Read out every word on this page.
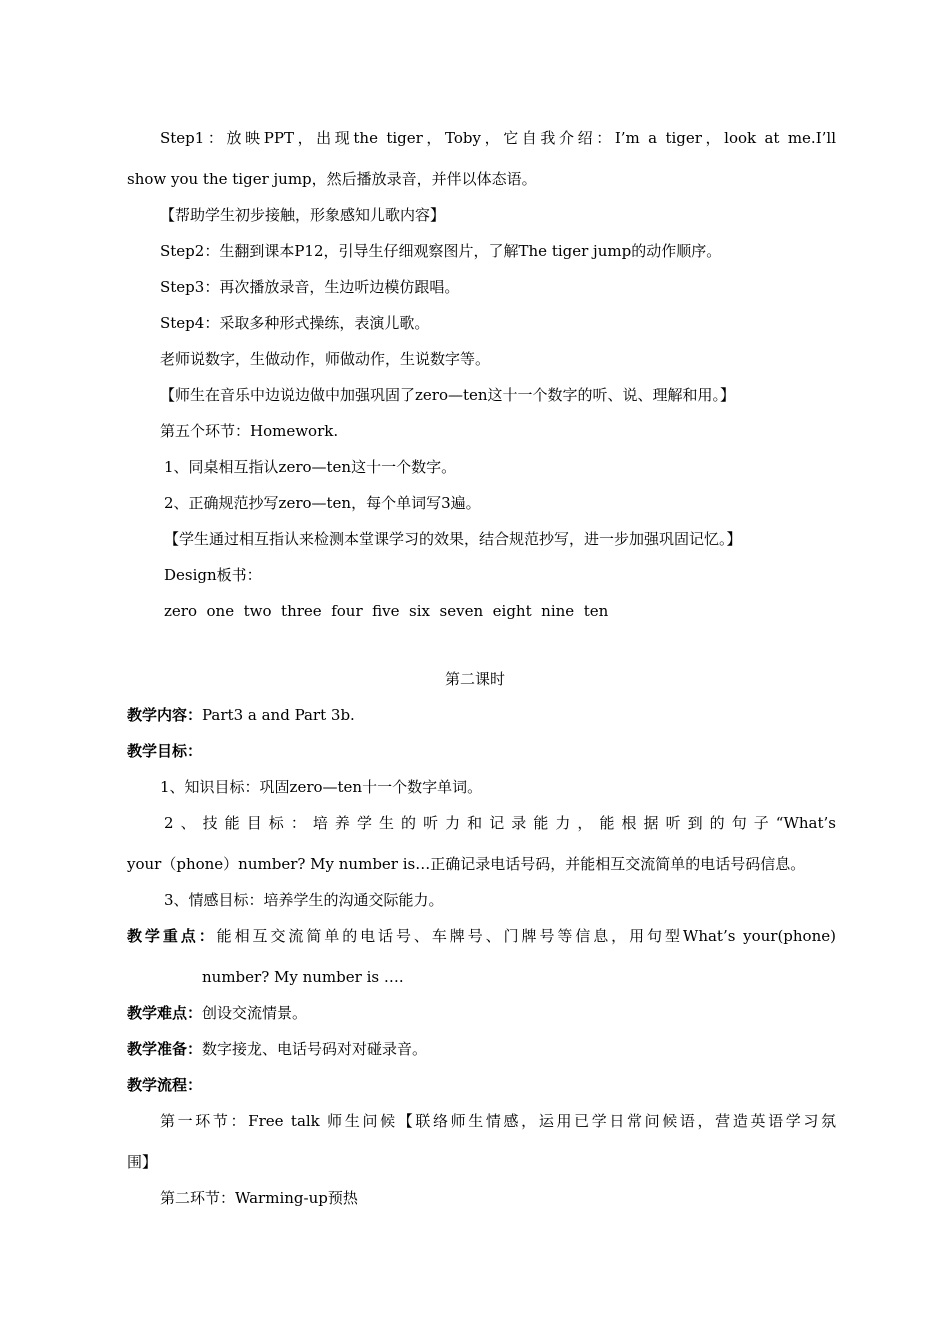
Step1：放映PPT，出现the tiger，Toby，它自我介绍：I’m a tiger，look at me.I’ll
show you the tiger jump，然后播放录音，并伴以体态语。
【帮助学生初步接触，形象感知儿歌内容】
Step2：生翻到课本P12，引导生仔细观察图片，了解The tiger jump的动作顺序。
Step3：再次播放录音，生边听边模仿跟唱。
Step4：采取多种形式操练，表演儿歌。
老师说数字，生做动作，师做动作，生说数字等。
【师生在音乐中边说边做中加强巩固了zero—ten这十一个数字的听、说、理解和用。】
第五个环节：Homework.
1、同桌相互指认zero—ten这十一个数字。
2、正确规范抄写zero—ten，每个单词写3遍。
【学生通过相互指认来检测本堂课学习的效果，结合规范抄写，进一步加强巩固记忆。】
Design板书：
zero  one  two  three  four  five  six  seven  eight  nine  ten
第二课时
教学内容：Part3 a and Part 3b.
教学目标：
1、知识目标：巩固zero—ten十一个数字单词。
2、技能目标：培养学生的听力和记录能力，能根据听到的句子“What’s
your（phone）number? My number is…正确记录电话号码，并能相互交流简单的电话号码信息。
3、情感目标：培养学生的沟通交际能力。
教学重点：能相互交流简单的电话号、车牌号、门牌号等信息，用句型What’s your(phone)
number? My number is ….
教学难点：创设交流情景。
教学准备：数字接龙、电话号码对对碰录音。
教学流程：
第一环节：Free talk 师生问候【联络师生情感，运用已学日常问候语，营造英语学习氛
围】
第二环节：Warming-up预热
